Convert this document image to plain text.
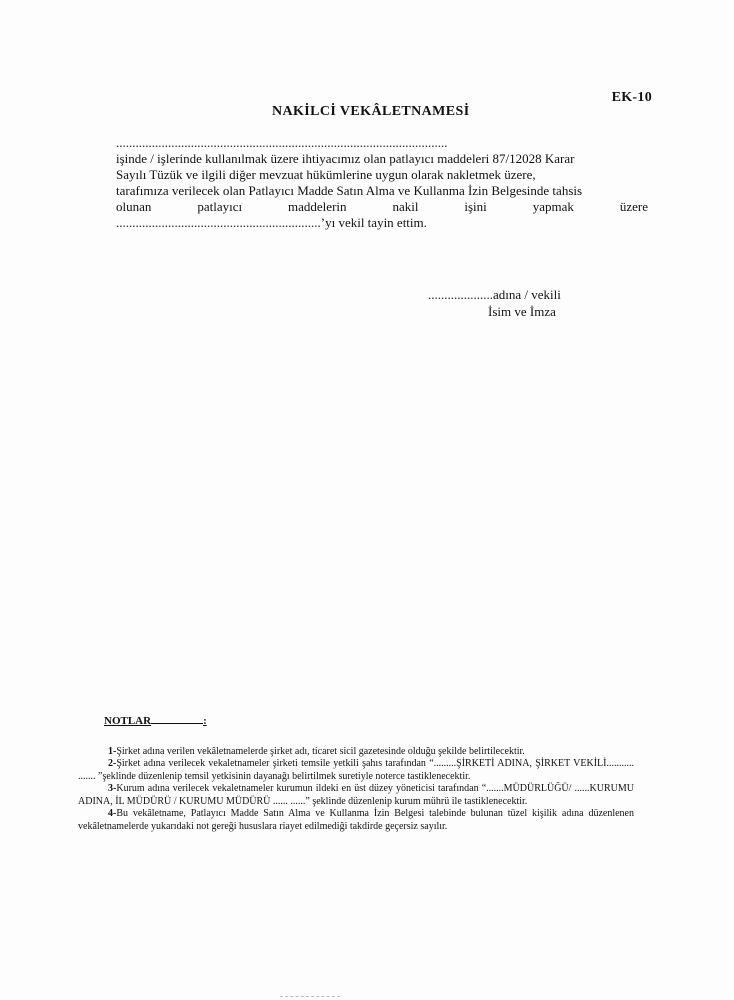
EK-10
NAKİLCİ VEKÂLETNAMESİ
......................................................................................................
işinde / işlerinde kullanılmak üzere ihtiyacımız olan patlayıcı maddeleri 87/12028 Karar
Sayılı Tüzük ve ilgili diğer mevzuat hükümlerine uygun olarak nakletmek üzere,
tarafımıza verilecek olan Patlayıcı Madde Satın Alma ve Kullanma İzin Belgesinde tahsis
olunan	patlayıcı	maddelerin	nakil	işini	yapmak	üzere
...............................................................’yı vekil tayin ettim.
....................adına / vekili
İsim ve İmza
NOTLAR	:

1-Şirket adına verilen vekâletnamelerde şirket adı, ticaret sicil gazetesinde olduğu şekilde belirtilecektir.

2-Şirket adına verilecek vekaletnameler şirketi temsile yetkili şahıs tarafından “.........ŞİRKETİ ADINA, ŞİRKET VEKİLİ........... ....... ”şeklinde düzenlenip temsil yetkisinin dayanağı belirtilmek suretiyle noterce tastiklenecektir.

3-Kurum adına verilecek vekaletnameler kurumun ildeki en üst düzey yöneticisi tarafından “.......MÜDÜRLÜĞÜ/ ......KURUMU ADINA, İL MÜDÜRÜ / KURUMU MÜDÜRÜ ...... ......” şeklinde düzenlenip kurum mührü ile tastiklenecektir.

4-Bu vekâletname, Patlayıcı Madde Satın Alma ve Kullanma İzin Belgesi talebinde bulunan tüzel kişilik adına düzenlenen vekâletnamelerde yukarıdaki not gereği hususlara riayet edilmediği takdirde geçersiz sayılır.
